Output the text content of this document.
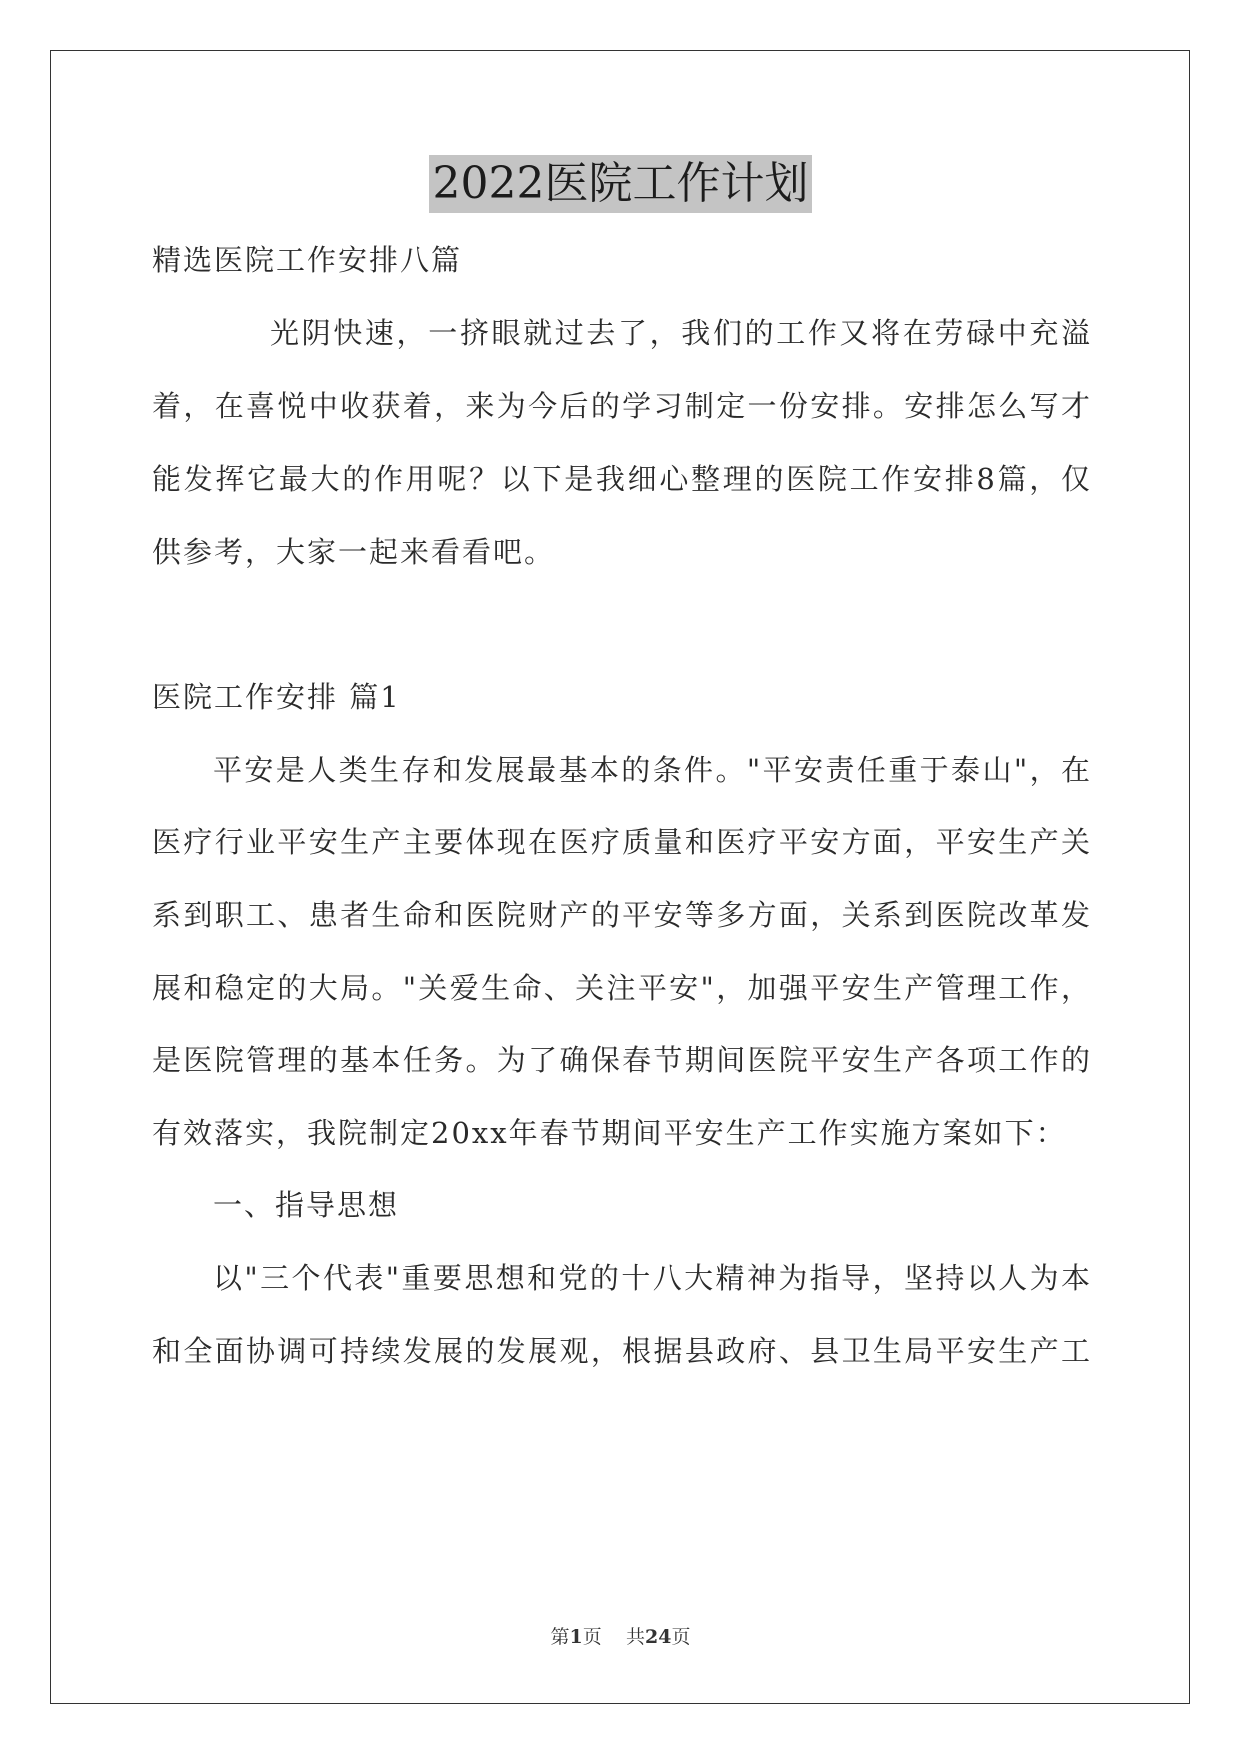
2022医院工作计划
精选医院工作安排八篇
光阴快速，一挤眼就过去了，我们的工作又将在劳碌中充溢
着，在喜悦中收获着，来为今后的学习制定一份安排。安排怎么写才
能发挥它最大的作用呢？以下是我细心整理的医院工作安排8篇，仅
供参考，大家一起来看看吧。
医院工作安排 篇1
平安是人类生存和发展最基本的条件。"平安责任重于泰山"，在
医疗行业平安生产主要体现在医疗质量和医疗平安方面，平安生产关
系到职工、患者生命和医院财产的平安等多方面，关系到医院改革发
展和稳定的大局。"关爱生命、关注平安"，加强平安生产管理工作，
是医院管理的基本任务。为了确保春节期间医院平安生产各项工作的
有效落实，我院制定20xx年春节期间平安生产工作实施方案如下：
一、指导思想
以"三个代表"重要思想和党的十八大精神为指导，坚持以人为本
和全面协调可持续发展的发展观，根据县政府、县卫生局平安生产工
第1页 共24页
